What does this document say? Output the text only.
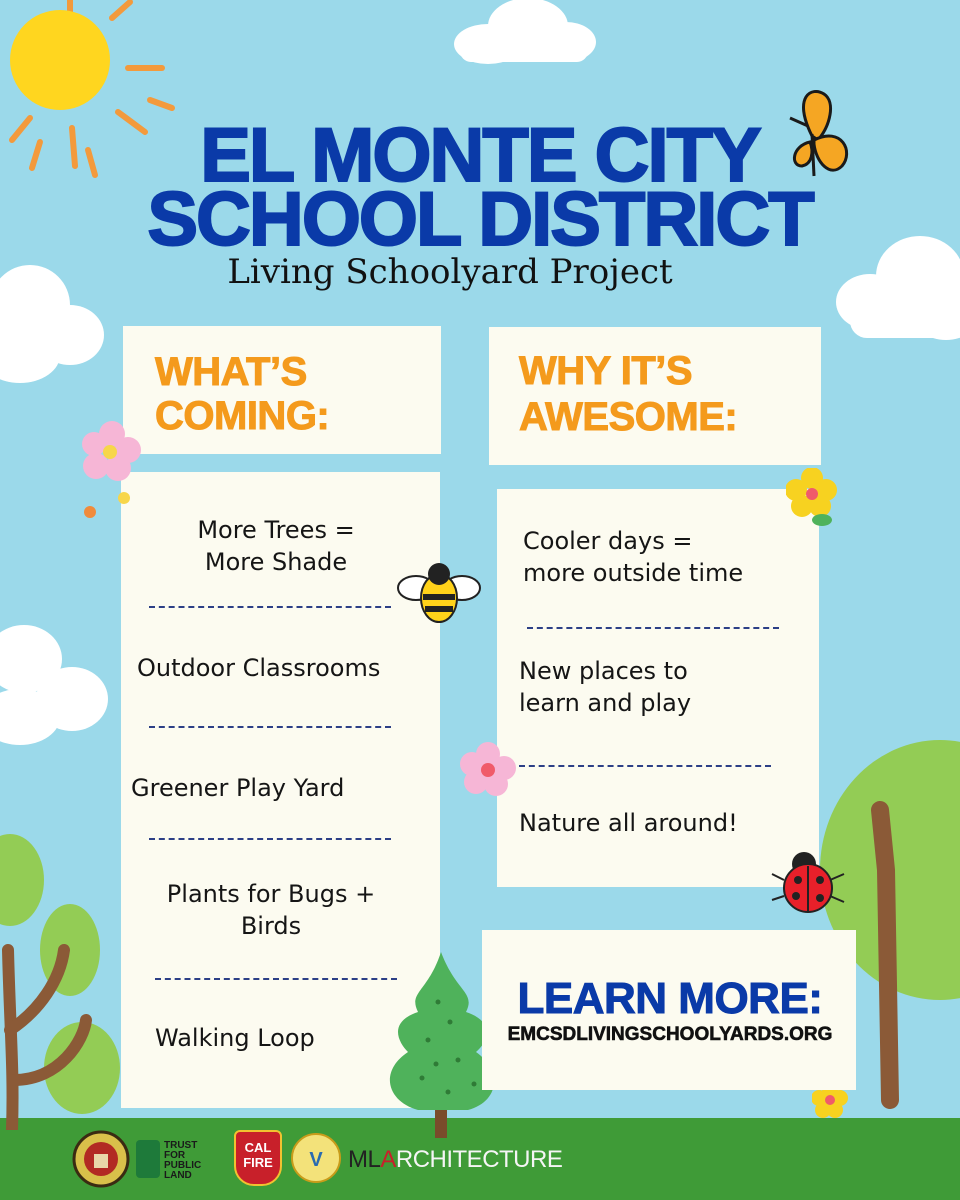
EL MONTE CITY
SCHOOL DISTRICT
Living Schoolyard Project
WHAT’S
COMING:
WHY IT’S
AWESOME:
More Trees =
More Shade
Outdoor Classrooms
Greener Play Yard
Plants for Bugs +
Birds
Walking Loop
Cooler days =
more outside time
New places to
learn and play
Nature all around!
LEARN MORE:
EMCSDLIVINGSCHOOLYARDS.ORG
TRUST
FOR
PUBLIC
LAND
CAL
FIRE	V MLARCHITECTURE
